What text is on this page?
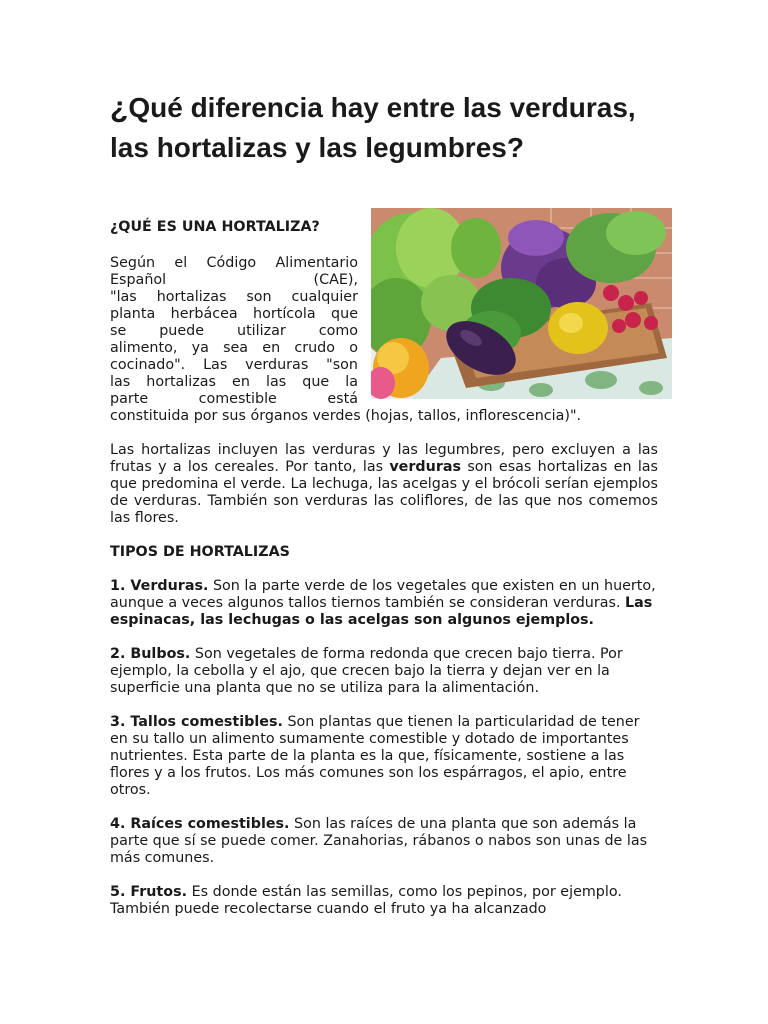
¿Qué diferencia hay entre las verduras, las hortalizas y las legumbres?

¿QUÉ ES UNA HORTALIZA?

Según el Código Alimentario

Español (CAE),

"las hortalizas son cualquier

planta herbácea hortícola que

se puede utilizar como

alimento, ya sea en crudo o

cocinado". Las verduras "son

las hortalizas en las que la

parte comestible está

constituida por sus órganos verdes (hojas, tallos, inflorescencia)".

Las hortalizas incluyen las verduras y las legumbres, pero excluyen a las frutas y a los cereales. Por tanto, las verduras son esas hortalizas en las que predomina el verde. La lechuga, las acelgas y el brócoli serían ejemplos de verduras. También son verduras las coliflores, de las que nos comemos las flores.

TIPOS DE HORTALIZAS

1. Verduras. Son la parte verde de los vegetales que existen en un huerto, aunque a veces algunos tallos tiernos también se consideran verduras. Las espinacas, las lechugas o las acelgas son algunos ejemplos.

2. Bulbos. Son vegetales de forma redonda que crecen bajo tierra. Por ejemplo, la cebolla y el ajo, que crecen bajo la tierra y dejan ver en la superficie una planta que no se utiliza para la alimentación.

3. Tallos comestibles. Son plantas que tienen la particularidad de tener en su tallo un alimento sumamente comestible y dotado de importantes nutrientes. Esta parte de la planta es la que, físicamente, sostiene a las flores y a los frutos. Los más comunes son los espárragos, el apio, entre otros.

4. Raíces comestibles. Son las raíces de una planta que son además la parte que sí se puede comer. Zanahorias, rábanos o nabos son unas de las más comunes.

5. Frutos. Es donde están las semillas, como los pepinos, por ejemplo. También puede recolectarse cuando el fruto ya ha alcanzado
